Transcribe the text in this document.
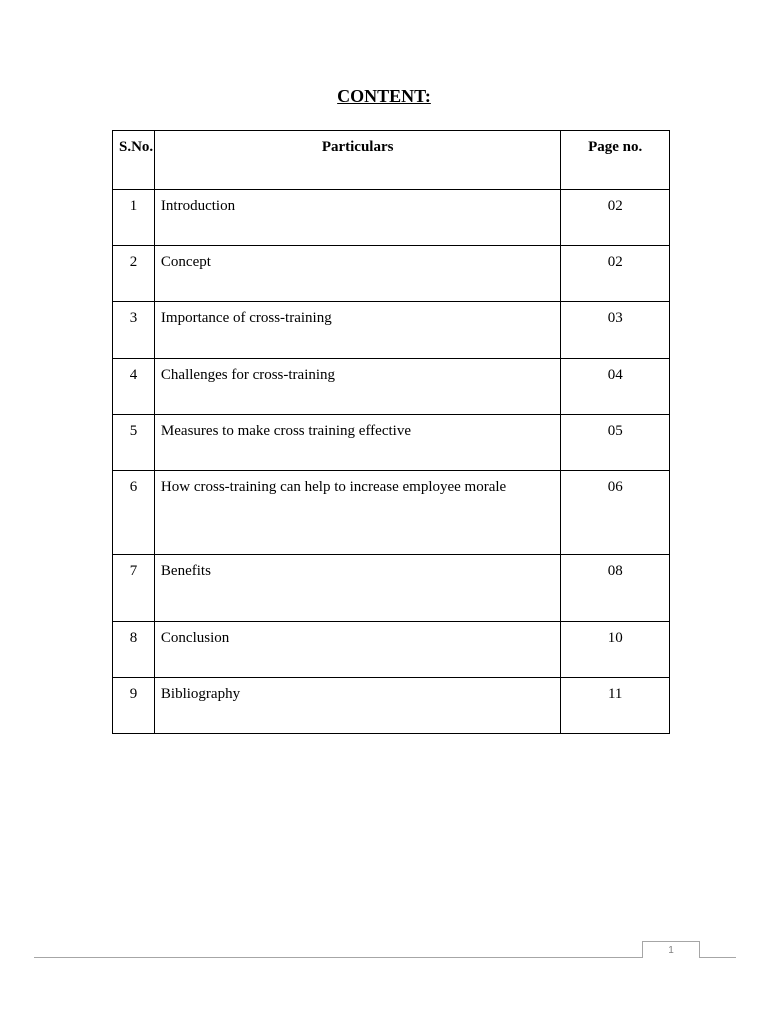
CONTENT:
S.No.	Particulars	Page no.
1	Introduction	02
2	Concept	02
3	Importance of cross-training	03
4	Challenges for cross-training	04
5	Measures to make cross training effective	05
6	How cross-training can help to increase employee morale	06
7	Benefits	08
8	Conclusion	10
9	Bibliography	11
1
